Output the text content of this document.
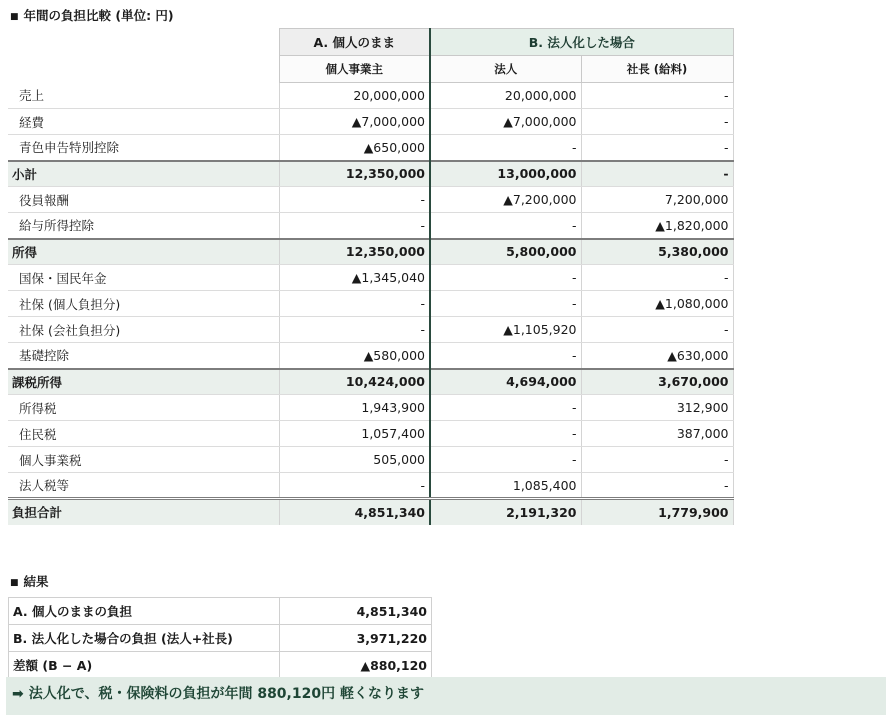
■ 年間の負担比較 (単位: 円)
	A. 個人のまま	B. 法人化した場合	
	個人事業主	法人	社長 (給料)
売上	20,000,000	20,000,000	-
経費	▲7,000,000	▲7,000,000	-
青色申告特別控除	▲650,000	-	-
小計	12,350,000	13,000,000	-
役員報酬	-	▲7,200,000	7,200,000
給与所得控除	-	-	▲1,820,000
所得	12,350,000	5,800,000	5,380,000
国保・国民年金	▲1,345,040	-	-
社保 (個人負担分)	-	-	▲1,080,000
社保 (会社負担分)	-	▲1,105,920	-
基礎控除	▲580,000	-	▲630,000
課税所得	10,424,000	4,694,000	3,670,000
所得税	1,943,900	-	312,900
住民税	1,057,400	-	387,000
個人事業税	505,000	-	-
法人税等	-	1,085,400	-
負担合計	4,851,340	2,191,320	1,779,900
■ 結果
A. 個人のままの負担	4,851,340
B. 法人化した場合の負担 (法人+社長)	3,971,220
差額 (B − A)	▲880,120
➡ 法人化で、税・保険料の負担が年間 880,120円 軽くなります
